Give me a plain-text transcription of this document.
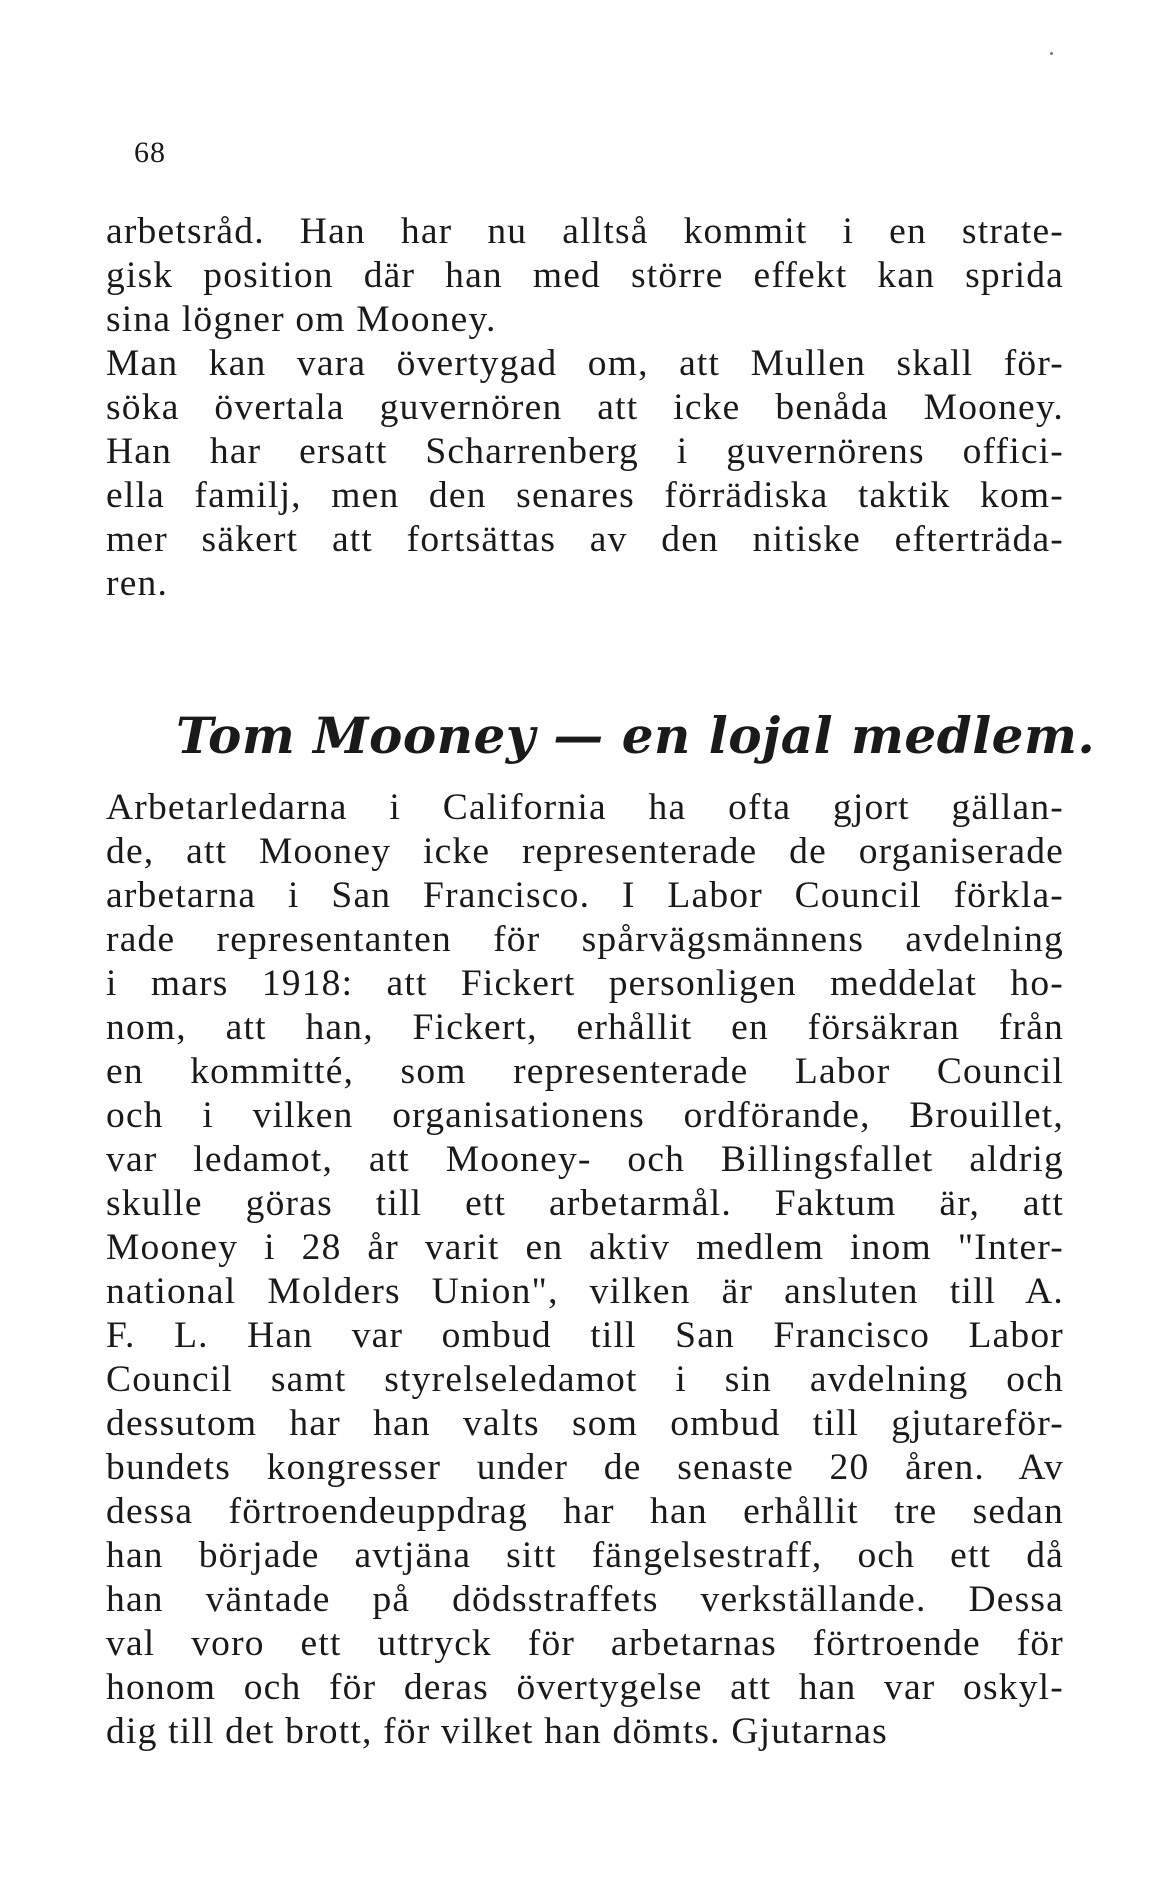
68
arbetsråd. Han har nu alltså kommit i en strate-
gisk position där han med större effekt kan sprida
sina lögner om Mooney.
Man kan vara övertygad om, att Mullen skall för-
söka övertala guvernören att icke benåda Mooney.
Han har ersatt Scharrenberg i guvernörens offici-
ella familj, men den senares förrädiska taktik kom-
mer säkert att fortsättas av den nitiske efterträda-
ren.
Tom Mooney — en lojal medlem.
Arbetarledarna i California ha ofta gjort gällan-
de, att Mooney icke representerade de organiserade
arbetarna i San Francisco. I Labor Council förkla-
rade representanten för spårvägsmännens avdelning
i mars 1918: att Fickert personligen meddelat ho-
nom, att han, Fickert, erhållit en försäkran från
en kommitté, som representerade Labor Council
och i vilken organisationens ordförande, Brouillet,
var ledamot, att Mooney- och Billingsfallet aldrig
skulle göras till ett arbetarmål. Faktum är, att
Mooney i 28 år varit en aktiv medlem inom "Inter-
national Molders Union", vilken är ansluten till A.
F. L. Han var ombud till San Francisco Labor
Council samt styrelseledamot i sin avdelning och
dessutom har han valts som ombud till gjutareför-
bundets kongresser under de senaste 20 åren. Av
dessa förtroendeuppdrag har han erhållit tre sedan
han började avtjäna sitt fängelsestraff, och ett då
han väntade på dödsstraffets verkställande. Dessa
val voro ett uttryck för arbetarnas förtroende för
honom och för deras övertygelse att han var oskyl-
dig till det brott, för vilket han dömts. Gjutarnas
